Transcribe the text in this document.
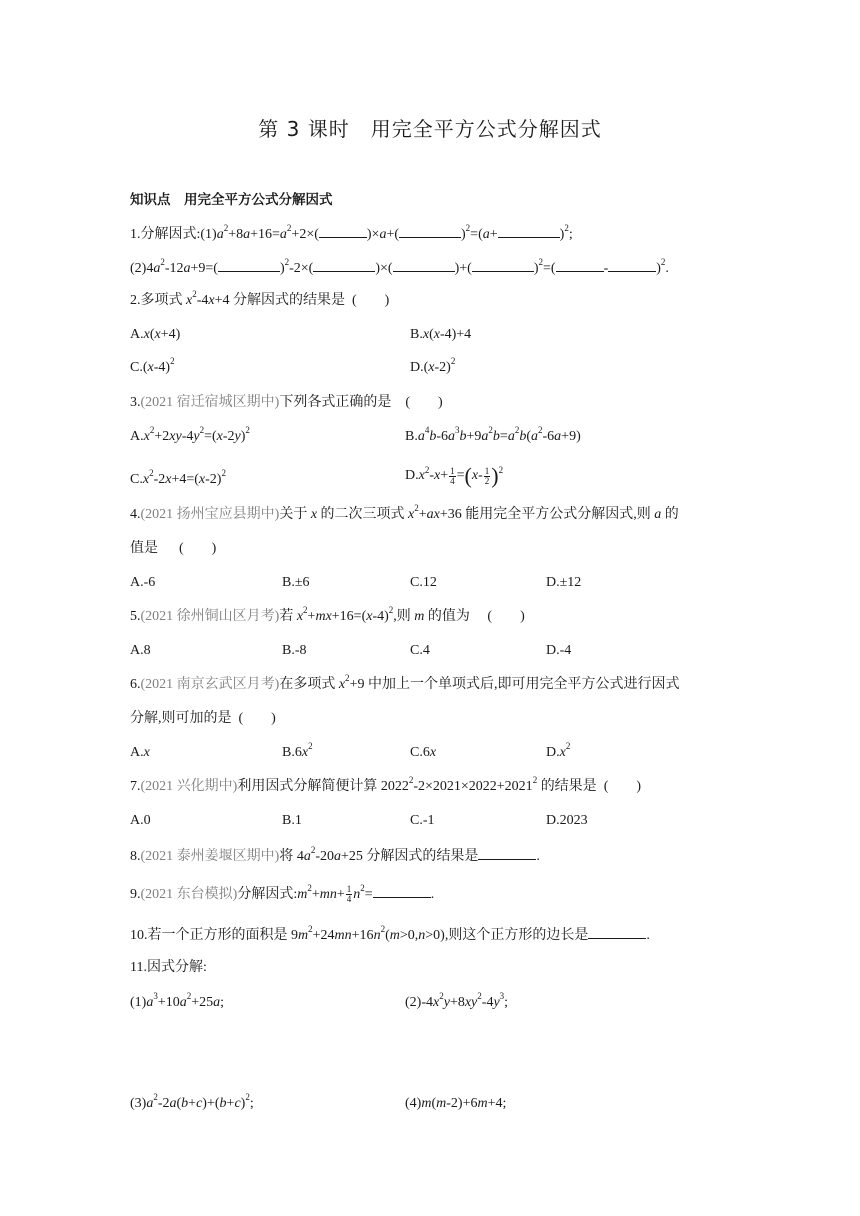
第 3 课时　用完全平方公式分解因式
知识点　用完全平方公式分解因式
1.分解因式$:(1)a^2+8a+16=a^2+2\times$(	)×a+(	)$^2$=(a+	)$^2$;
$(2)4a^2-12a+9=$(	)$^2$-2×(	)×(	)+(	)$^2$=(	-	)$^2$.
2.多项式 $x^2-4x+4$ 分解因式的结果是 (　　)
A.x(x+4)	B.x(x-4)+4
$C.(x-4)^2$	$D.(x-2)^2$
3.(2021 宿迁宿城区期中)下列各式正确的是 (　　)
$A.x^2+2xy-4y^2=(x-2y)^2$	$B.a^4b-6a^3b+9a^2b=a^2b(a^2-6a+9)$
$C.x^2-2x+4=(x-2)^2$	$D.x^2-x+ \frac{1}{4} =(x- \frac{1}{2} )^2$
4.(2021 扬州宝应县期中)关于 x 的二次三项式 $x^2+ax+36$ 能用完全平方公式分解因式,则 a 的
值是 (　　)
A.-6	B.±6	C.12	D.±12
5.(2021 徐州铜山区月考)若 $x^2+mx+16=(x-4)^2$,则 m 的值为 (　　)
A.8	B.-8	C.4	D.-4
6.(2021 南京玄武区月考)在多项式 $x^2+9$ 中加上一个单项式后,即可用完全平方公式进行因式
分解,则可加的是 (　　)
A.x	$B.6x^2$	C.6x	$D.x^2$
7.(2021 兴化期中)利用因式分解简便计算 $2022^2-2\times 2021\times 2022+2021^2$ 的结果是 (　　)
A.0	B.1	C.-1	D.2023
8.(2021 泰州姜堰区期中)将 $4a^2-20a+25$ 分解因式的结果是	.
9.(2021 东台模拟)分解因式$:m^2+mn+ \frac{1}{4} n^2=$	.
10.若一个正方形的面积是 $9m^2+24mn+16n^2(m>0,n>0)$,则这个正方形的边长是	.
11.因式分解:
$(1)a^3+10a^2+25a$;	$(2)-4x^2y+8xy^2-4y^3$;
$(3)a^2-2a(b+c)+(b+c)^2$;	(4)m(m-2)+6m+4;
